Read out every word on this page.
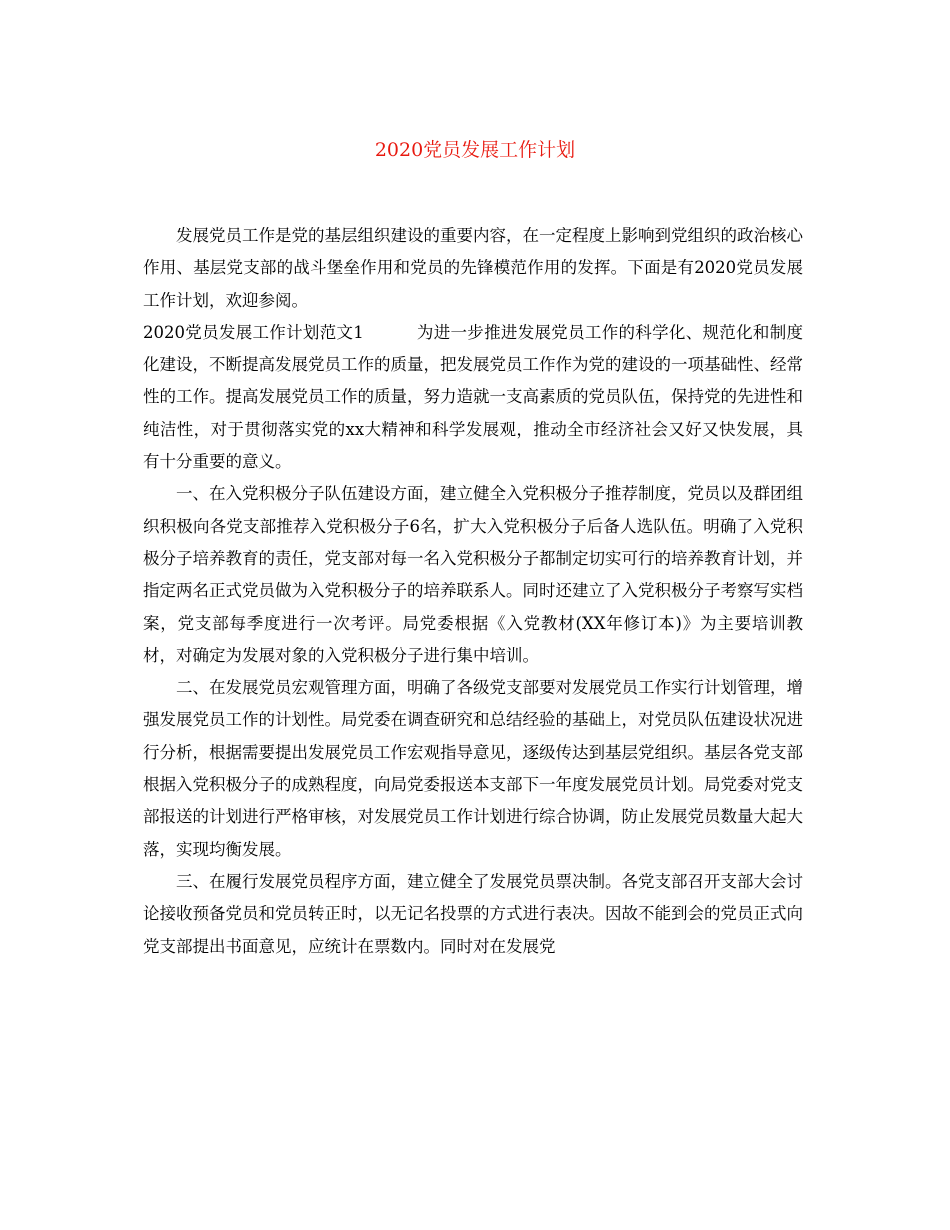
2020党员发展工作计划

发展党员工作是党的基层组织建设的重要内容，在一定程度上影响到党组织的政治核心作用、基层党支部的战斗堡垒作用和党员的先锋模范作用的发挥。下面是有2020党员发展工作计划，欢迎参阅。

2020党员发展工作计划范文1	为进一步推进发展党员工作的科学化、规范化和制度化建设，不断提高发展党员工作的质量，把发展党员工作作为党的建设的一项基础性、经常性的工作。提高发展党员工作的质量，努力造就一支高素质的党员队伍，保持党的先进性和纯洁性，对于贯彻落实党的xx大精神和科学发展观，推动全市经济社会又好又快发展，具有十分重要的意义。

一、在入党积极分子队伍建设方面，建立健全入党积极分子推荐制度，党员以及群团组织积极向各党支部推荐入党积极分子6名，扩大入党积极分子后备人选队伍。明确了入党积极分子培养教育的责任，党支部对每一名入党积极分子都制定切实可行的培养教育计划，并指定两名正式党员做为入党积极分子的培养联系人。同时还建立了入党积极分子考察写实档案，党支部每季度进行一次考评。局党委根据《入党教材(XX年修订本)》为主要培训教材，对确定为发展对象的入党积极分子进行集中培训。

二、在发展党员宏观管理方面，明确了各级党支部要对发展党员工作实行计划管理，增强发展党员工作的计划性。局党委在调查研究和总结经验的基础上，对党员队伍建设状况进行分析，根据需要提出发展党员工作宏观指导意见，逐级传达到基层党组织。基层各党支部根据入党积极分子的成熟程度，向局党委报送本支部下一年度发展党员计划。局党委对党支部报送的计划进行严格审核，对发展党员工作计划进行综合协调，防止发展党员数量大起大落，实现均衡发展。

三、在履行发展党员程序方面，建立健全了发展党员票决制。各党支部召开支部大会讨论接收预备党员和党员转正时，以无记名投票的方式进行表决。因故不能到会的党员正式向党支部提出书面意见，应统计在票数内。同时对在发展党
